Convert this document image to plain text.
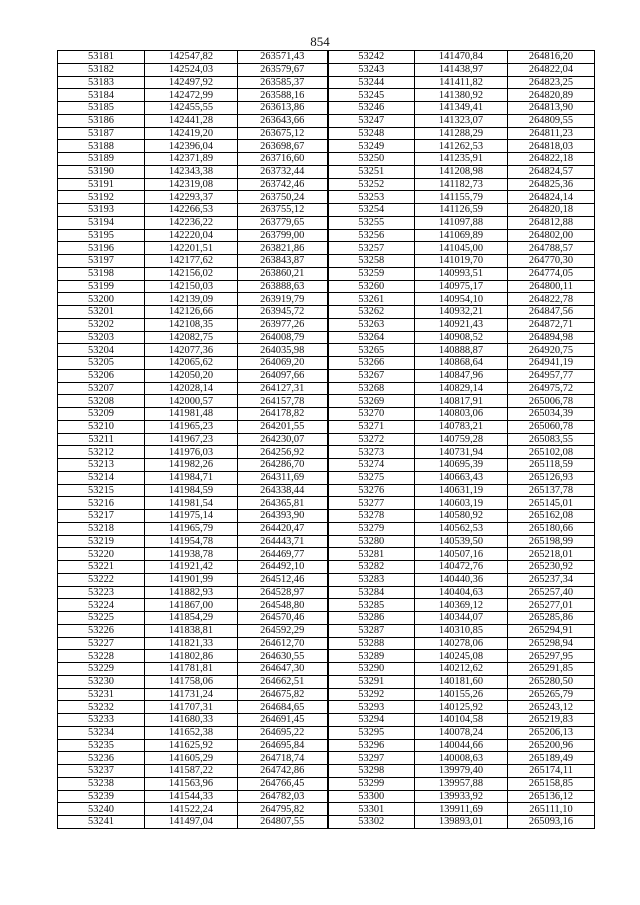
854
53181	142547,82	263571,43	53242	141470,84	264816,20
53182	142524,03	263579,67	53243	141438,97	264822,04
53183	142497,92	263585,37	53244	141411,82	264823,25
53184	142472,99	263588,16	53245	141380,92	264820,89
53185	142455,55	263613,86	53246	141349,41	264813,90
53186	142441,28	263643,66	53247	141323,07	264809,55
53187	142419,20	263675,12	53248	141288,29	264811,23
53188	142396,04	263698,67	53249	141262,53	264818,03
53189	142371,89	263716,60	53250	141235,91	264822,18
53190	142343,38	263732,44	53251	141208,98	264824,57
53191	142319,08	263742,46	53252	141182,73	264825,36
53192	142293,37	263750,24	53253	141155,79	264824,14
53193	142266,53	263755,12	53254	141126,59	264820,18
53194	142236,22	263779,65	53255	141097,88	264812,88
53195	142220,04	263799,00	53256	141069,89	264802,00
53196	142201,51	263821,86	53257	141045,00	264788,57
53197	142177,62	263843,87	53258	141019,70	264770,30
53198	142156,02	263860,21	53259	140993,51	264774,05
53199	142150,03	263888,63	53260	140975,17	264800,11
53200	142139,09	263919,79	53261	140954,10	264822,78
53201	142126,66	263945,72	53262	140932,21	264847,56
53202	142108,35	263977,26	53263	140921,43	264872,71
53203	142082,75	264008,79	53264	140908,52	264894,98
53204	142077,36	264035,98	53265	140888,87	264920,75
53205	142065,62	264069,20	53266	140868,64	264941,19
53206	142050,20	264097,66	53267	140847,96	264957,77
53207	142028,14	264127,31	53268	140829,14	264975,72
53208	142000,57	264157,78	53269	140817,91	265006,78
53209	141981,48	264178,82	53270	140803,06	265034,39
53210	141965,23	264201,55	53271	140783,21	265060,78
53211	141967,23	264230,07	53272	140759,28	265083,55
53212	141976,03	264256,92	53273	140731,94	265102,08
53213	141982,26	264286,70	53274	140695,39	265118,59
53214	141984,71	264311,69	53275	140663,43	265126,93
53215	141984,59	264338,44	53276	140631,19	265137,78
53216	141981,54	264365,81	53277	140603,19	265145,01
53217	141975,14	264393,90	53278	140580,92	265162,08
53218	141965,79	264420,47	53279	140562,53	265180,66
53219	141954,78	264443,71	53280	140539,50	265198,99
53220	141938,78	264469,77	53281	140507,16	265218,01
53221	141921,42	264492,10	53282	140472,76	265230,92
53222	141901,99	264512,46	53283	140440,36	265237,34
53223	141882,93	264528,97	53284	140404,63	265257,40
53224	141867,00	264548,80	53285	140369,12	265277,01
53225	141854,29	264570,46	53286	140344,07	265285,86
53226	141838,81	264592,29	53287	140310,85	265294,91
53227	141821,33	264612,70	53288	140278,06	265298,94
53228	141802,86	264630,55	53289	140245,08	265297,95
53229	141781,81	264647,30	53290	140212,62	265291,85
53230	141758,06	264662,51	53291	140181,60	265280,50
53231	141731,24	264675,82	53292	140155,26	265265,79
53232	141707,31	264684,65	53293	140125,92	265243,12
53233	141680,33	264691,45	53294	140104,58	265219,83
53234	141652,38	264695,22	53295	140078,24	265206,13
53235	141625,92	264695,84	53296	140044,66	265200,96
53236	141605,29	264718,74	53297	140008,63	265189,49
53237	141587,22	264742,86	53298	139979,40	265174,11
53238	141563,96	264766,45	53299	139957,88	265158,85
53239	141544,33	264782,03	53300	139933,92	265136,12
53240	141522,24	264795,82	53301	139911,69	265111,10
53241	141497,04	264807,55	53302	139893,01	265093,16
